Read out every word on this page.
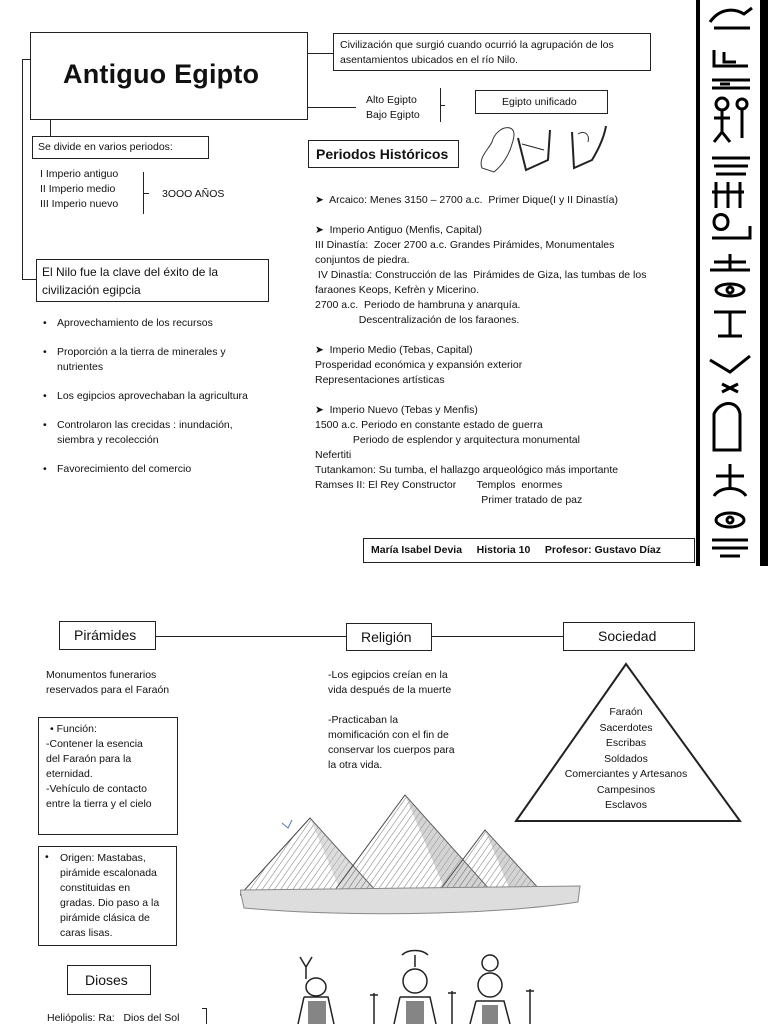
Antiguo Egipto
Civilización que surgió cuando ocurrió la agrupación de los asentamientos ubicados en el río Nilo.
Alto Egipto
Bajo Egipto
Egipto unificado
Se divide en varios periodos:
I Imperio antiguo
II Imperio medio
III Imperio nuevo
3OOO AÑOS
El Nilo fue la clave del éxito de la civilización egipcia
• Aprovechamiento de los recursos
• Proporción a la tierra de minerales y nutrientes
• Los egipcios aprovechaban la agricultura
• Controlaron las crecidas : inundación, siembra y recolección
• Favorecimiento del comercio
Periodos Históricos
➤  Arcaico: Menes 3150 – 2700 a.c.  Primer Dique(I y II Dinastía)
➤  Imperio Antiguo (Menfis, Capital)
III Dinastía:  Zocer 2700 a.c. Grandes Pirámides, Monumentales
conjuntos de piedra.
IV Dinastía: Construcción de las  Pirámides de Giza, las tumbas de los
faraones Keops, Kefrèn y Micerino.
2700 a.c.  Periodo de hambruna y anarquía.
Descentralización de los faraones.
➤  Imperio Medio (Tebas, Capital)
Prosperidad económica y expansión exterior
Representaciones artísticas
➤  Imperio Nuevo (Tebas y Menfis)
1500 a.c. Periodo en constante estado de guerra
Periodo de esplendor y arquitectura monumental
Nefertiti
Tutankamon: Su tumba, el hallazgo arqueológico más importante
Ramses II: El Rey Constructor       Templos  enormes
Primer tratado de paz
María Isabel Devia     Historia 10     Profesor: Gustavo Díaz
Pirámides	Religión	Sociedad
Monumentos funerarios
reservados para el Faraón
• Función:
-Contener la esencia
del Faraón para la
eternidad.
-Vehículo de contacto
entre la tierra y el cielo
• Origen: Mastabas,
pirámide escalonada
constituidas en
gradas. Dio paso a la
pirámide clásica de
caras lisas.
-Los egipcios creían en la
vida después de la muerte
-Practicaban la
momificación con el fin de
conservar los cuerpos para
la otra vida.
Faraón
Sacerdotes
Escribas
Soldados
Comerciantes y Artesanos
Campesinos
Esclavos
Dioses
Heliópolis: Ra:   Dios del Sol
